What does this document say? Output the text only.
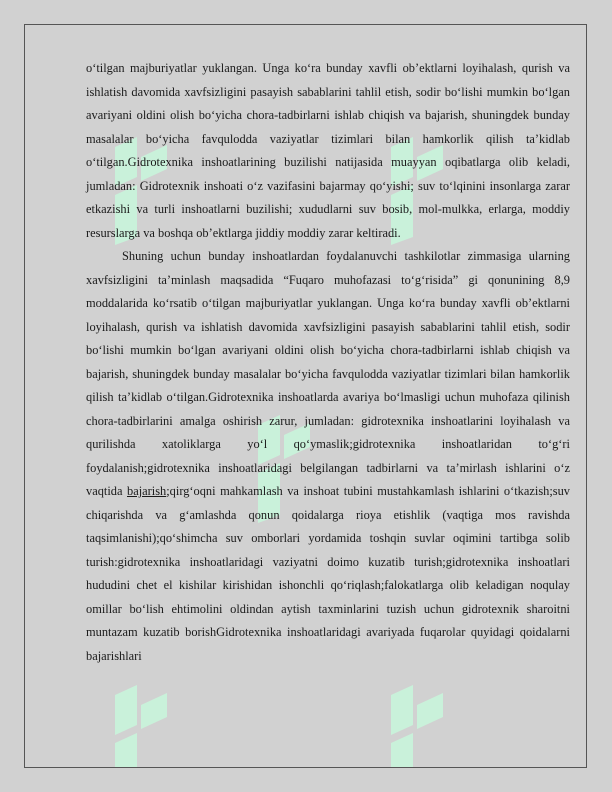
o‘tilgan majburiyatlar yuklangan. Unga ko‘ra bunday xavfli ob’ektlarni loyihalash, qurish va ishlatish davomida xavfsizligini pasayish sabablarini tahlil etish, sodir bo‘lishi mumkin bo‘lgan avariyani oldini olish bo‘yicha chora-tadbirlarni ishlab chiqish va bajarish, shuningdek bunday masalalar bo‘yicha favqulodda vaziyatlar tizimlari bilan hamkorlik qilish ta’kidlab o‘tilgan.Gidrotexnika inshoatlarining buzilishi natijasida muayyan oqibatlarga olib keladi, jumladan: Gidrotexnik inshoati o‘z vazifasini bajarmay qo‘yishi; suv to‘lqinini insonlarga zarar etkazishi va turli inshoatlarni buzilishi; xududlarni suv bosib, mol-mulkka, erlarga, moddiy resurslarga va boshqa ob’ektlarga jiddiy moddiy zarar keltiradi.

Shuning uchun bunday inshoatlardan foydalanuvchi tashkilotlar zimmasiga ularning xavfsizligini ta’minlash maqsadida “Fuqaro muhofazasi to‘g‘risida” gi qonunining 8,9 moddalarida ko‘rsatib o‘tilgan majburiyatlar yuklangan. Unga ko‘ra bunday xavfli ob’ektlarni loyihalash, qurish va ishlatish davomida xavfsizligini pasayish sabablarini tahlil etish, sodir bo‘lishi mumkin bo‘lgan avariyani oldini olish bo‘yicha chora-tadbirlarni ishlab chiqish va bajarish, shuningdek bunday masalalar bo‘yicha favqulodda vaziyatlar tizimlari bilan hamkorlik qilish ta’kidlab o‘tilgan.Gidrotexnika inshoatlarda avariya bo‘lmasligi uchun muhofaza qilinish chora-tadbirlarini amalga oshirish zarur, jumladan: gidrotexnika inshoatlarini loyihalash va qurilishda xatoliklarga yo‘l qo‘ymaslik;gidrotexnika inshoatlaridan to‘g‘ri foydalanish;gidrotexnika inshoatlaridagi belgilangan tadbirlarni va ta’mirlash ishlarini o‘z vaqtida bajarish;qirg‘oqni mahkamlash va inshoat tubini mustahkamlash ishlarini o‘tkazish;suv chiqarishda va g‘amlashda qonun qoidalarga rioya etishlik (vaqtiga mos ravishda taqsimlanishi);qo‘shimcha suv omborlari yordamida toshqin suvlar oqimini tartibga solib turish:gidrotexnika inshoatlaridagi vaziyatni doimo kuzatib turish;gidrotexnika inshoatlari hududini chet el kishilar kirishidan ishonchli qo‘riqlash;falokatlarga olib keladigan noqulay omillar bo‘lish ehtimolini oldindan aytish taxminlarini tuzish uchun gidrotexnik sharoitni muntazam kuzatib borishGidrotexnika inshoatlaridagi avariyada fuqarolar quyidagi qoidalarni bajarishlari
